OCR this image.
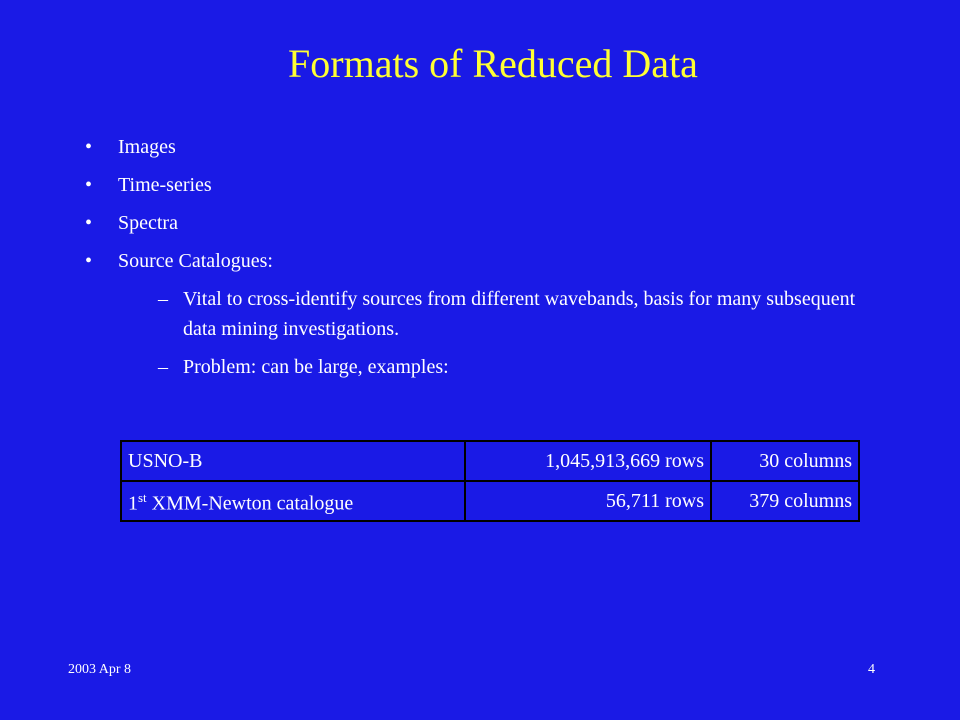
Formats of Reduced Data
• Images
• Time-series
• Spectra
• Source Catalogues:
– Vital to cross-identify sources from different wavebands, basis for many subsequent data mining investigations.
– Problem: can be large, examples:
USNO-B	1,045,913,669 rows	30 columns
1st XMM-Newton catalogue	56,711 rows	379 columns
2003 Apr 8	4
